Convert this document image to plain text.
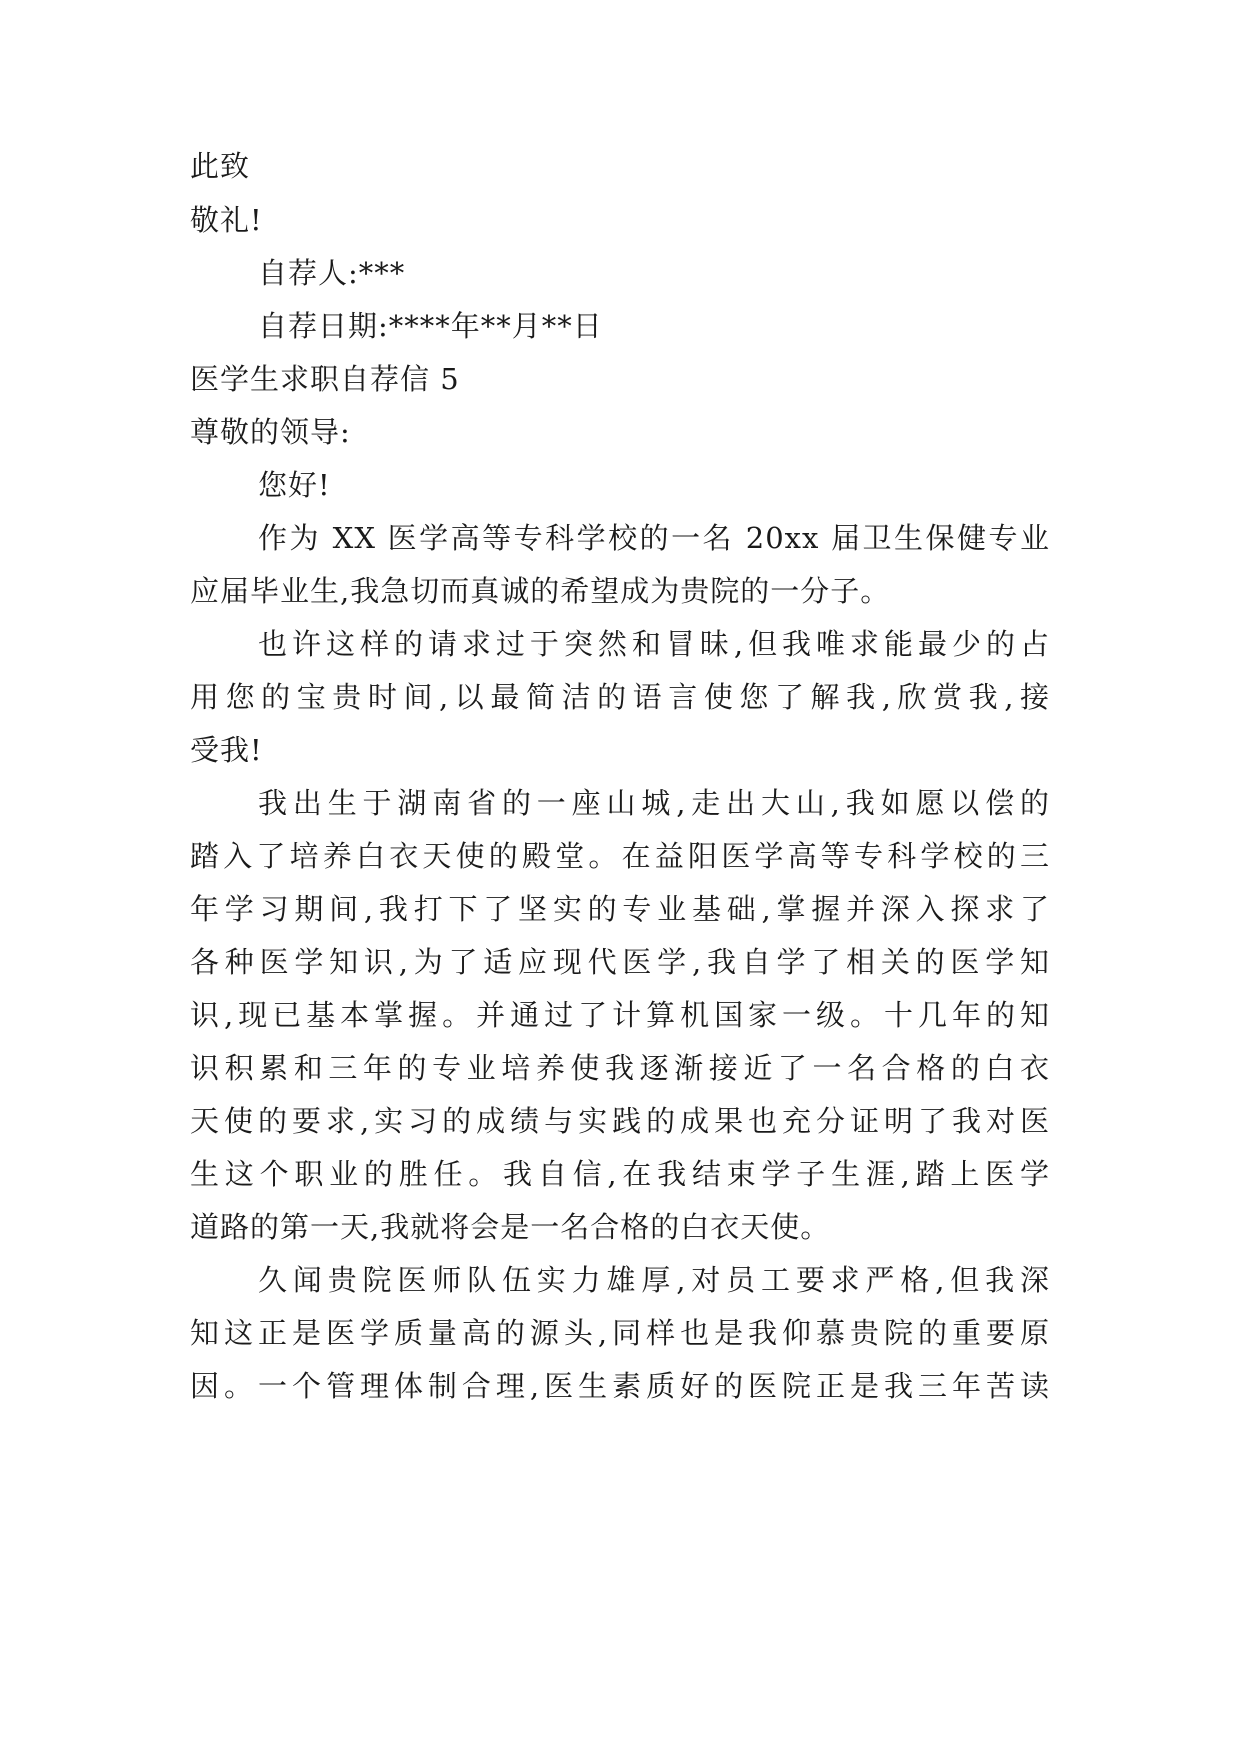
此致
敬礼!
自荐人:***
自荐日期:****年**月**日
医学生求职自荐信 5
尊敬的领导:
您好!
作为 XX 医学高等专科学校的一名 20xx 届卫生保健专业
应届毕业生,我急切而真诚的希望成为贵院的一分子。
也许这样的请求过于突然和冒昧,但我唯求能最少的占
用您的宝贵时间,以最简洁的语言使您了解我,欣赏我,接
受我!
我出生于湖南省的一座山城,走出大山,我如愿以偿的
踏入了培养白衣天使的殿堂。在益阳医学高等专科学校的三
年学习期间,我打下了坚实的专业基础,掌握并深入探求了
各种医学知识,为了适应现代医学,我自学了相关的医学知
识,现已基本掌握。并通过了计算机国家一级。十几年的知
识积累和三年的专业培养使我逐渐接近了一名合格的白衣
天使的要求,实习的成绩与实践的成果也充分证明了我对医
生这个职业的胜任。我自信,在我结束学子生涯,踏上医学
道路的第一天,我就将会是一名合格的白衣天使。
久闻贵院医师队伍实力雄厚,对员工要求严格,但我深
知这正是医学质量高的源头,同样也是我仰慕贵院的重要原
因。一个管理体制合理,医生素质好的医院正是我三年苦读
